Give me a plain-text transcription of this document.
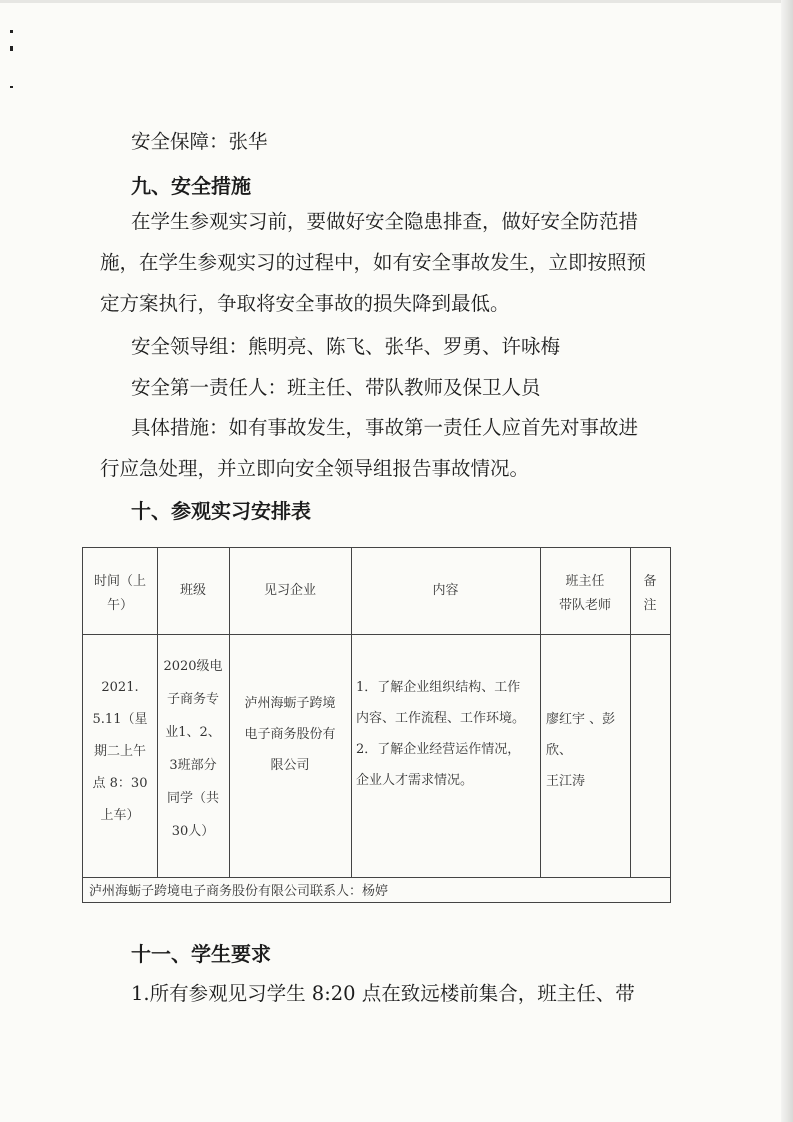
安全保障：张华
九、安全措施
在学生参观实习前，要做好安全隐患排查，做好安全防范措
施，在学生参观实习的过程中，如有安全事故发生，立即按照预
定方案执行，争取将安全事故的损失降到最低。
安全领导组：熊明亮、陈飞、张华、罗勇、许咏梅
安全第一责任人：班主任、带队教师及保卫人员
具体措施：如有事故发生，事故第一责任人应首先对事故进
行应急处理，并立即向安全领导组报告事故情况。
十、参观实习安排表
时间（上
午）
班级	见习企业	内容
班主任
带队老师
备
注
2021.
5.11（星
期二上午
点 8：30
上车）
2020级电
子商务专
业1、2、
3班部分
同学（共
30人）
泸州海蛎子跨境
电子商务股份有
限公司
1．了解企业组织结构、工作
内容、工作流程、工作环境。
2．了解企业经营运作情况，
企业人才需求情况。
廖红宇 、彭
欣、
王江涛
泸州海蛎子跨境电子商务股份有限公司联系人：杨婷
十一、学生要求
1.所有参观见习学生 8:20 点在致远楼前集合，班主任、带
